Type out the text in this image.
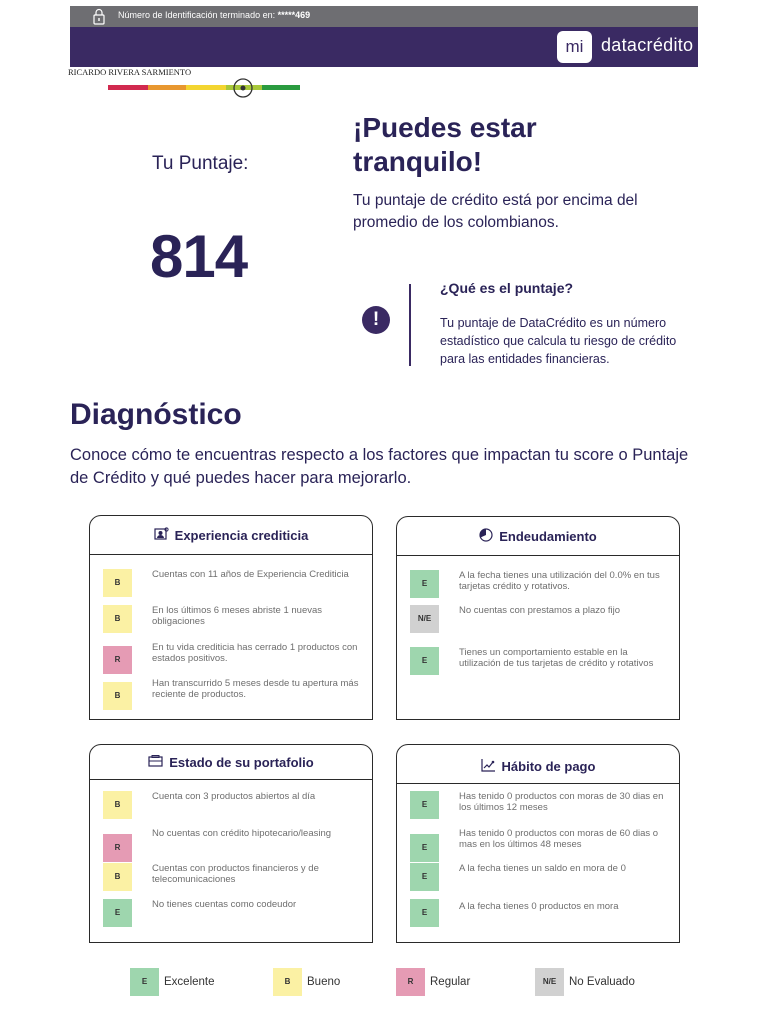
Número de Identificación terminado en: *****469
mi datacrédito
RICARDO RIVERA SARMIENTO
Tu Puntaje:
814
¡Puedes estar tranquilo!
Tu puntaje de crédito está por encima del promedio de los colombianos.
!
¿Qué es el puntaje?
Tu puntaje de DataCrédito es un número estadístico que calcula tu riesgo de crédito para las entidades financieras.
Diagnóstico
Conoce cómo te encuentras respecto a los factores que impactan tu score o Puntaje de Crédito y qué puedes hacer para mejorarlo.
Experiencia crediticia
B
Cuentas con 11 años de Experiencia Crediticia
B
En los últimos 6 meses abriste 1 nuevas obligaciones
R
En tu vida crediticia has cerrado 1 productos con estados positivos.
B
Han transcurrido 5 meses desde tu apertura más reciente de productos.
Endeudamiento
E
A la fecha tienes una utilización del 0.0% en tus tarjetas crédito y rotativos.
N/E
No cuentas con prestamos a plazo fijo
E
Tienes un comportamiento estable en la utilización de tus tarjetas de crédito y rotativos
Estado de su portafolio
B
Cuenta con 3 productos abiertos al día
R
No cuentas con crédito hipotecario/leasing
B
Cuentas con productos financieros y de telecomunicaciones
E
No tienes cuentas como codeudor
Hábito de pago
E
Has tenido 0 productos con moras de 30 dias en los últimos 12 meses
E
Has tenido 0 productos con moras de 60 dias o mas en los últimos 48 meses
E
A la fecha tienes un saldo en mora de 0
E
A la fecha tienes 0 productos en mora
E	Excelente	B	Bueno	R	Regular	N/E	No Evaluado
